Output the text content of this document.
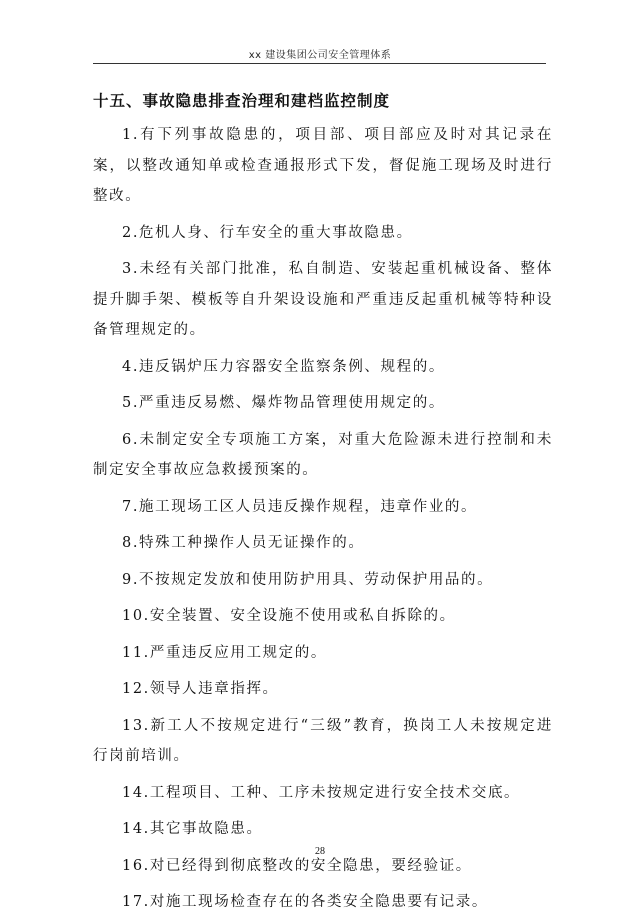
xx 建设集团公司安全管理体系
十五、事故隐患排查治理和建档监控制度

1.有下列事故隐患的，项目部、项目部应及时对其记录在案，以整改通知单或检查通报形式下发，督促施工现场及时进行整改。

2.危机人身、行车安全的重大事故隐患。

3.未经有关部门批准，私自制造、安装起重机械设备、整体提升脚手架、模板等自升架设设施和严重违反起重机械等特种设备管理规定的。

4.违反锅炉压力容器安全监察条例、规程的。

5.严重违反易燃、爆炸物品管理使用规定的。

6.未制定安全专项施工方案，对重大危险源未进行控制和未制定安全事故应急救援预案的。

7.施工现场工区人员违反操作规程，违章作业的。

8.特殊工种操作人员无证操作的。

9.不按规定发放和使用防护用具、劳动保护用品的。

10.安全装置、安全设施不使用或私自拆除的。

11.严重违反应用工规定的。

12.领导人违章指挥。

13.新工人不按规定进行“三级”教育，换岗工人未按规定进行岗前培训。

14.工程项目、工种、工序未按规定进行安全技术交底。

14.其它事故隐患。

16.对已经得到彻底整改的安全隐患，要经验证。

17.对施工现场检查存在的各类安全隐患要有记录。

28
